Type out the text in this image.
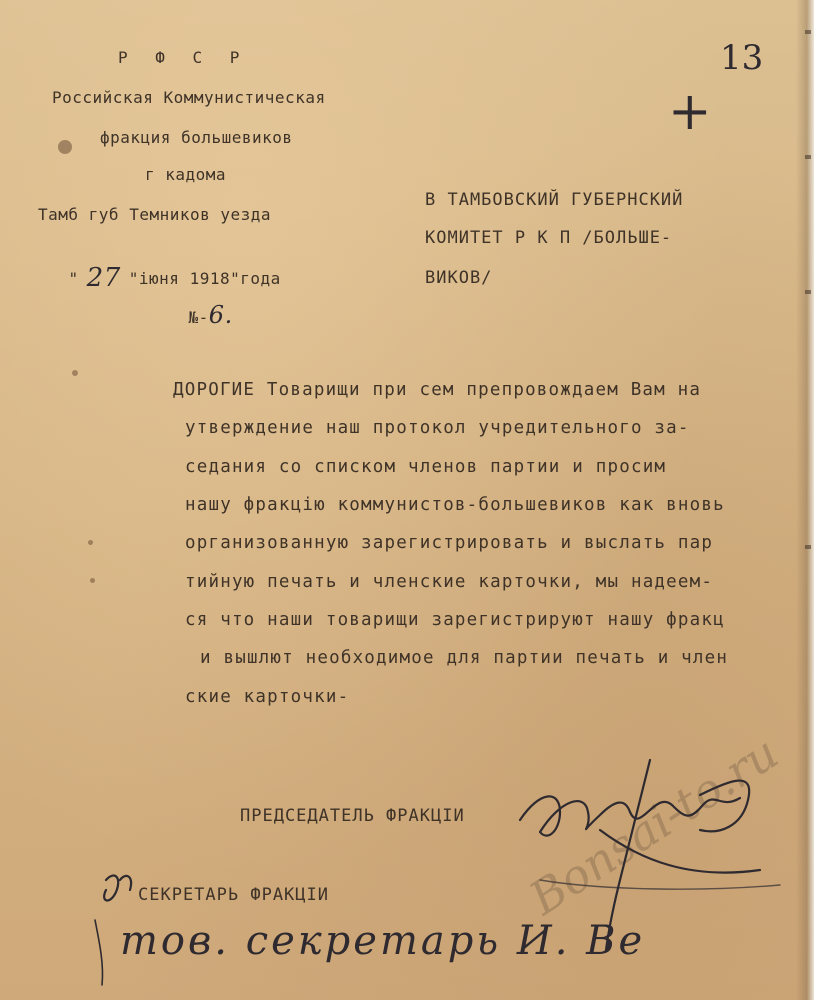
Р Ф С Р
Российская Коммунистическая
фракция большевиков
г кадома
Тамб губ Темников уезда

" 27 "iюня 1918"года

№-6.

13
+
В ТАМБОВСКИЙ ГУБЕРНСКИЙ
КОМИТЕТ Р К П /БОЛЬШЕ-
ВИКОВ/
ДОРОГИЕ Товарищи при сем препровождаем Вам на
утверждение наш протокол учредительного за-
седания со списком членов партии и просим
нашу фракцiю коммунистов-большевиков как вновь
организованную зарегистрировать и выслать пар
тийную печать и членские карточки, мы надеем-
ся что наши товарищи зарегистрируют нашу фракц
и вышлют необходимое для партии печать и член
ские карточки-
ПРЕДСЕДАТЕЛЬ ФРАКЦIИ
СЕКРЕТАРЬ ФРАКЦIИ
тов. секретарь И. Ве
Bonsai-to.ru
